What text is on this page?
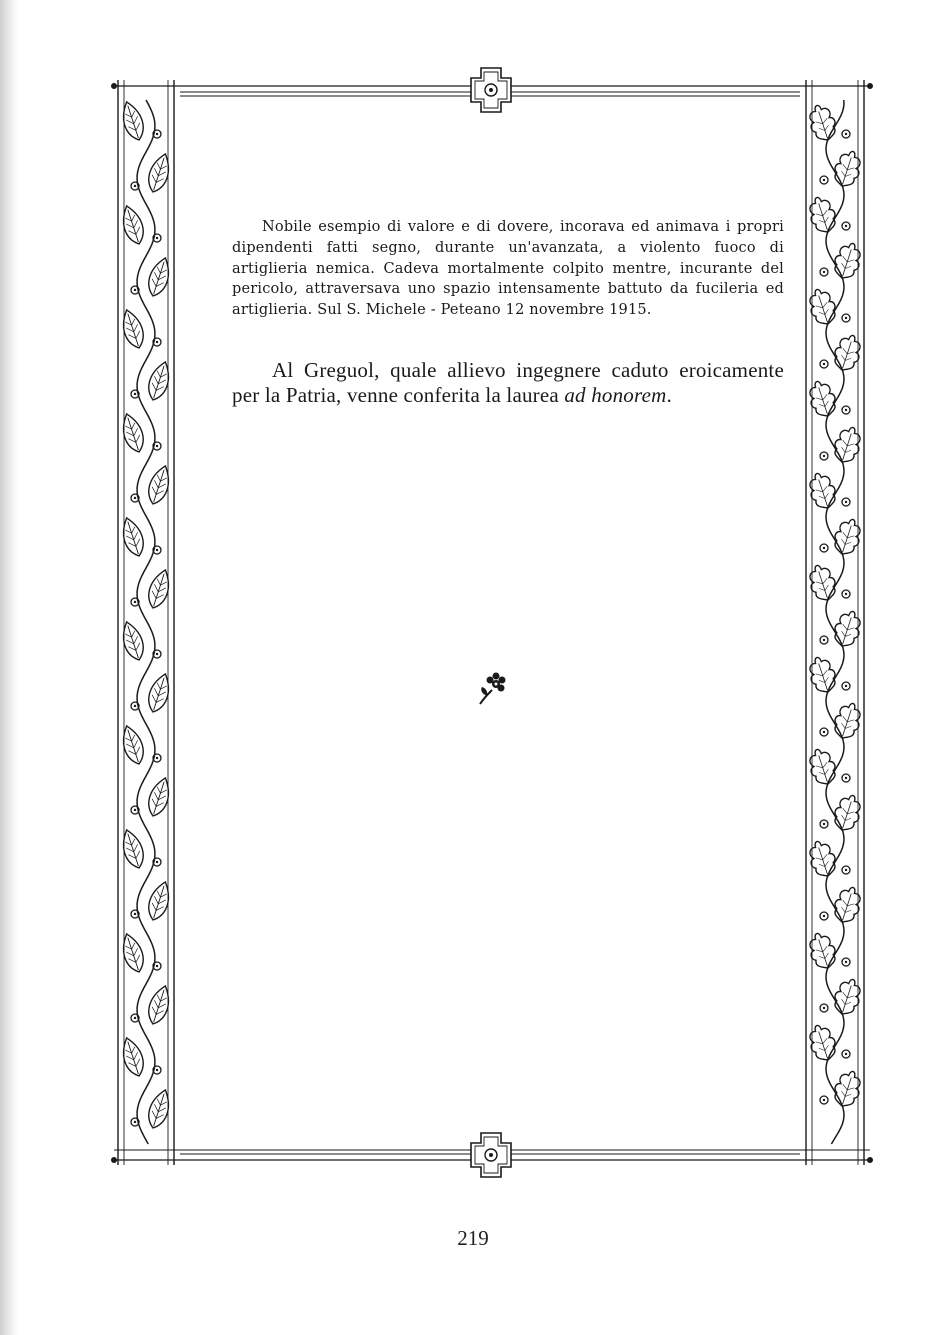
Nobile esempio di valore e di dovere, incorava ed animava i propri dipendenti fatti segno, durante un'avanzata, a violento fuoco di artiglieria nemica. Cadeva mortalmente colpito mentre, incurante del pericolo, attraversava uno spazio intensamente battuto da fucileria ed artiglieria. Sul S. Michele - Peteano 12 novembre 1915.
Al Greguol, quale allievo ingegnere caduto eroicamente per la Patria, venne conferita la laurea ad honorem.
219
